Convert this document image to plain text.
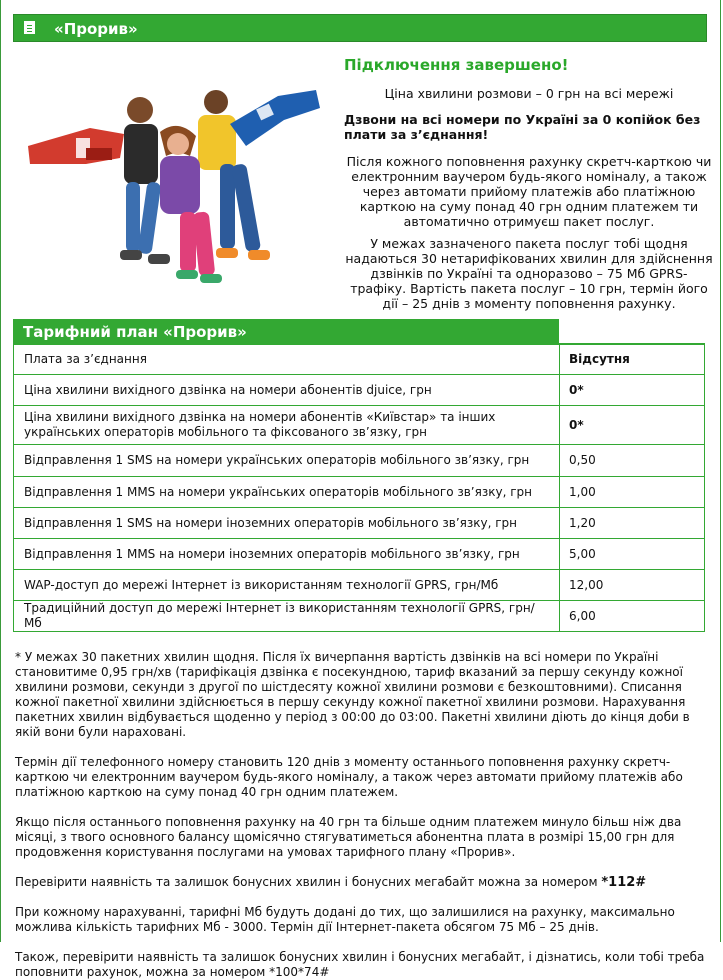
«Прорив»
Підключення завершено!

Ціна хвилини розмови – 0 грн на всі мережі

Дзвони на всі номери по Україні за 0 копійок без плати за з’єднання!

Після кожного поповнення рахунку скретч-карткою чи електронним ваучером будь-якого номіналу, а також через автомати прийому платежів або платіжною карткою на суму понад 40 грн одним платежем ти автоматично отримуєш пакет послуг.

У межах зазначеного пакета послуг тобі щодня надаються 30 нетарифікованих хвилин для здійснення дзвінків по Україні та одноразово – 75 Мб GPRS-трафіку. Вартість пакета послуг – 10 грн, термін його дії – 25 днів з моменту поповнення рахунку.

Тарифний план «Прорив»
Плата за з’єднання	Відсутня
Ціна хвилини вихідного дзвінка на номери абонентів djuice, грн	0*
Ціна хвилини вихідного дзвінка на номери абонентів «Київстар» та інших українських операторів мобільного та фіксованого зв’язку, грн	0*
Відправлення 1 SMS на номери українських операторів мобільного зв’язку, грн	0,50
Відправлення 1 MMS на номери українських операторів мобільного зв’язку, грн	1,00
Відправлення 1 SMS на номери іноземних операторів мобільного зв’язку, грн	1,20
Відправлення 1 MMS на номери іноземних операторів мобільного зв’язку, грн	5,00
WAP-доступ до мережі Інтернет із використанням технології GPRS, грн/Мб	12,00
Традиційний доступ до мережі Інтернет із використанням технології GPRS, грн/Мб	6,00

* У межах 30 пакетних хвилин щодня. Після їх вичерпання вартість дзвінків на всі номери по Україні становитиме 0,95 грн/хв (тарифікація дзвінка є посекундною, тариф вказаний за першу секунду кожної хвилини розмови, секунди з другої по шістдесяту кожної хвилини розмови є безкоштовними). Списання кожної пакетної хвилини здійснюється в першу секунду кожної пакетної хвилини розмови. Нарахування пакетних хвилин відбувається щоденно у період з 00:00 до 03:00. Пакетні хвилини діють до кінця доби в якій вони були нараховані.

Термін дії телефонного номеру становить 120 днів з моменту останнього поповнення рахунку скретч-карткою чи електронним ваучером будь-якого номіналу, а також через автомати прийому платежів або платіжною карткою на суму понад 40 грн одним платежем.

Якщо після останнього поповнення рахунку на 40 грн та більше одним платежем минуло більш ніж два місяці, з твого основного балансу щомісячно стягуватиметься абонентна плата в розмірі 15,00 грн для продовження користування послугами на умовах тарифного плану «Прорив».

Перевірити наявність та залишок бонусних хвилин і бонусних мегабайт можна за номером *112#

При кожному нарахуванні, тарифні Мб будуть додані до тих, що залишилися на рахунку, максимально можлива кількість тарифних Мб - 3000. Термін дії Інтернет-пакета обсягом 75 Мб – 25 днів.

Також, перевірити наявність та залишок бонусних хвилин і бонусних мегабайт, і дізнатись, коли тобі треба поповнити рахунок, можна за номером *100*74#
